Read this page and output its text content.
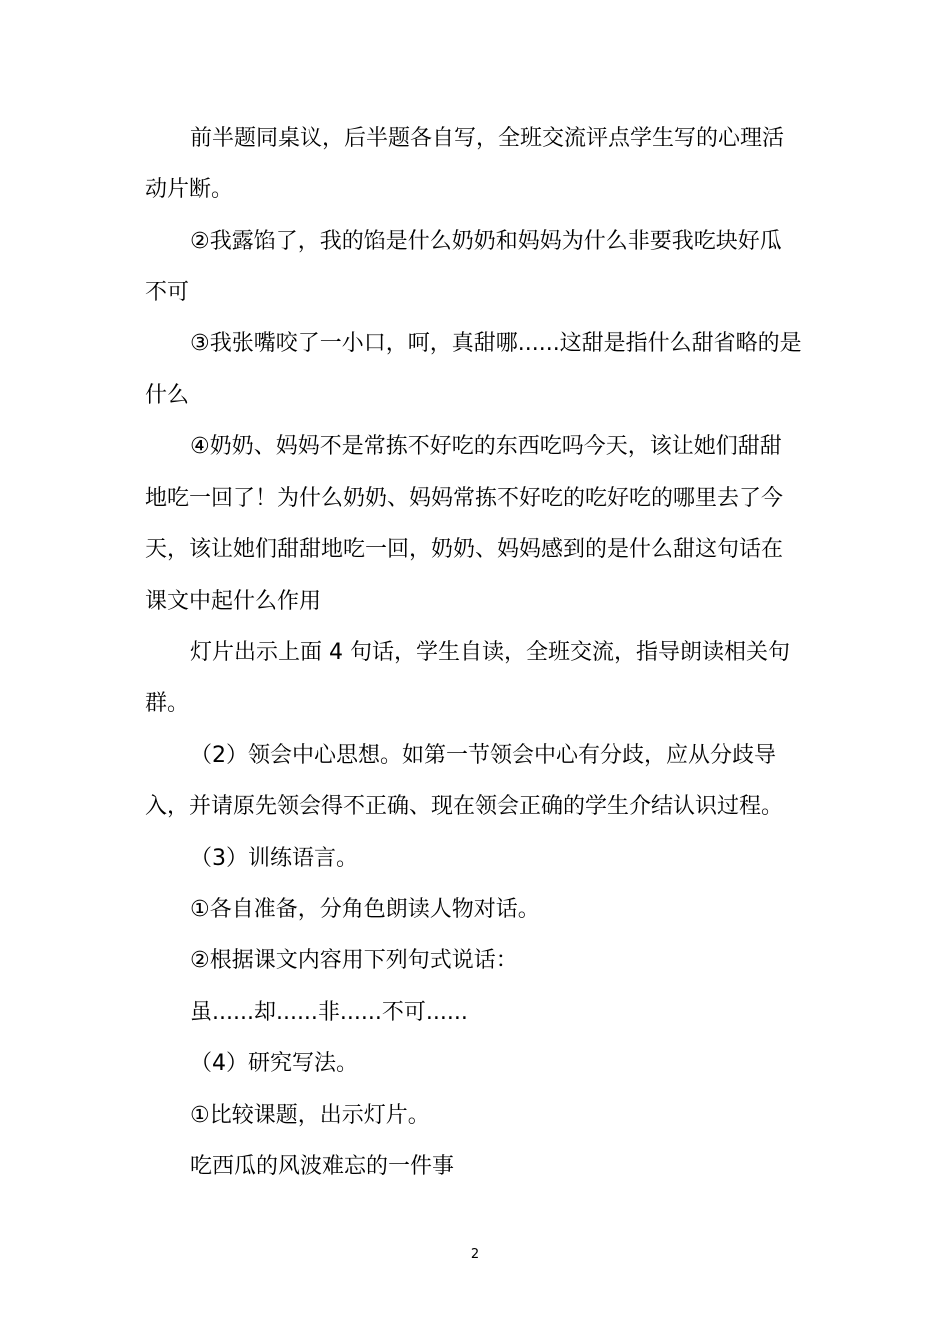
前半题同桌议，后半题各自写，全班交流评点学生写的心理活
动片断。
②我露馅了，我的馅是什么奶奶和妈妈为什么非要我吃块好瓜
不可
③我张嘴咬了一小口，呵，真甜哪......这甜是指什么甜省略的是
什么
④奶奶、妈妈不是常拣不好吃的东西吃吗今天，该让她们甜甜
地吃一回了！为什么奶奶、妈妈常拣不好吃的吃好吃的哪里去了今
天，该让她们甜甜地吃一回，奶奶、妈妈感到的是什么甜这句话在
课文中起什么作用
灯片出示上面 4 句话，学生自读，全班交流，指导朗读相关句
群。
（2）领会中心思想。如第一节领会中心有分歧，应从分歧导
入，并请原先领会得不正确、现在领会正确的学生介结认识过程。
（3）训练语言。
①各自准备，分角色朗读人物对话。
②根据课文内容用下列句式说话：
虽......却......非......不可......
（4）研究写法。
①比较课题，出示灯片。
吃西瓜的风波难忘的一件事
2
